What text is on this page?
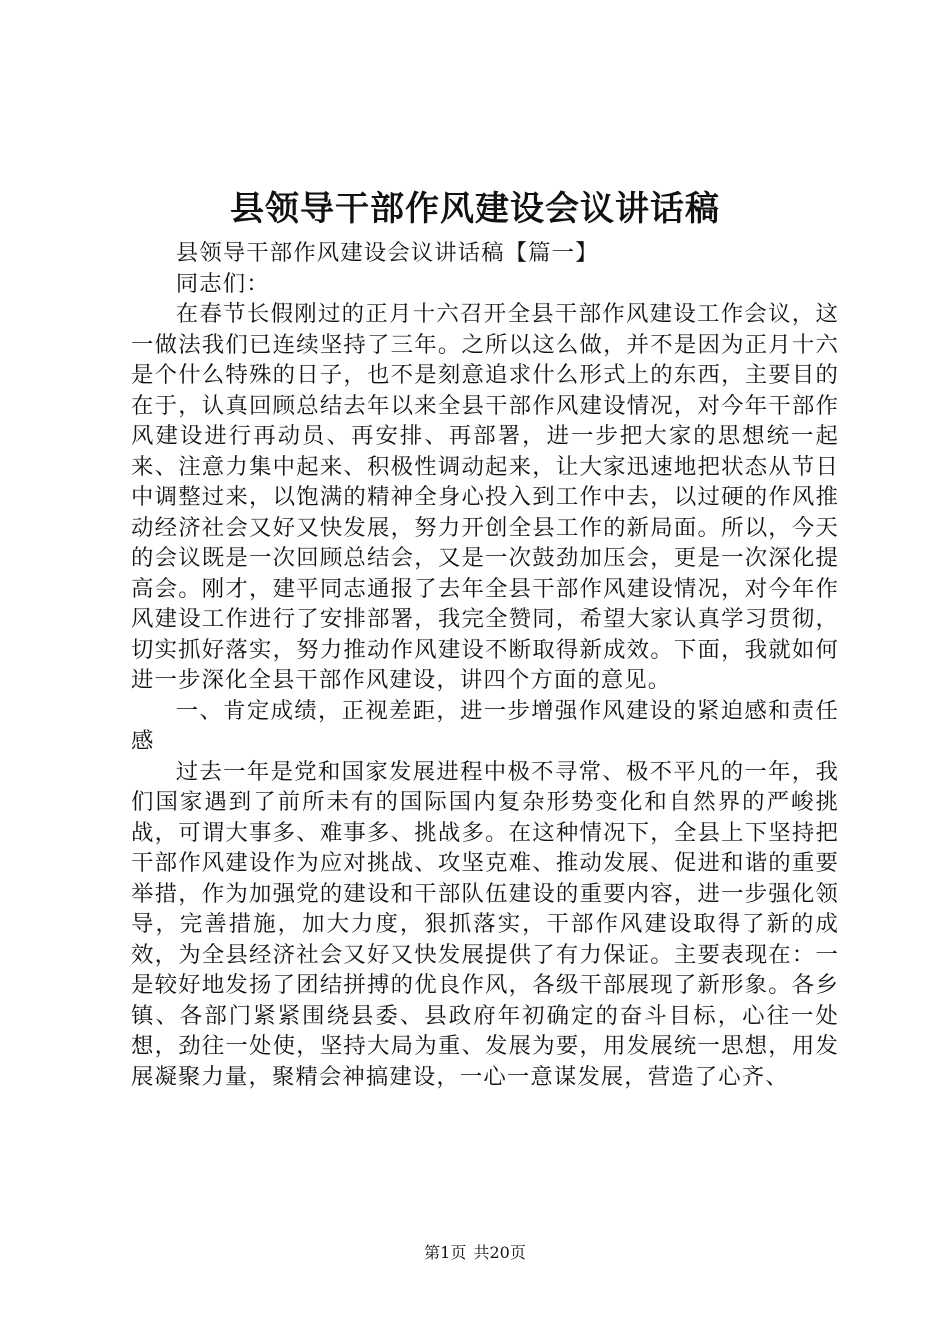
县领导干部作风建设会议讲话稿

县领导干部作风建设会议讲话稿【篇一】

同志们：

在春节长假刚过的正月十六召开全县干部作风建设工作会议，这一做法我们已连续坚持了三年。之所以这么做，并不是因为正月十六是个什么特殊的日子，也不是刻意追求什么形式上的东西，主要目的在于，认真回顾总结去年以来全县干部作风建设情况，对今年干部作风建设进行再动员、再安排、再部署，进一步把大家的思想统一起来、注意力集中起来、积极性调动起来，让大家迅速地把状态从节日中调整过来，以饱满的精神全身心投入到工作中去，以过硬的作风推动经济社会又好又快发展，努力开创全县工作的新局面。所以，今天的会议既是一次回顾总结会，又是一次鼓劲加压会，更是一次深化提高会。刚才，建平同志通报了去年全县干部作风建设情况，对今年作风建设工作进行了安排部署，我完全赞同，希望大家认真学习贯彻，切实抓好落实，努力推动作风建设不断取得新成效。下面，我就如何进一步深化全县干部作风建设，讲四个方面的意见。

一、肯定成绩，正视差距，进一步增强作风建设的紧迫感和责任感

过去一年是党和国家发展进程中极不寻常、极不平凡的一年，我们国家遇到了前所未有的国际国内复杂形势变化和自然界的严峻挑战，可谓大事多、难事多、挑战多。在这种情况下，全县上下坚持把干部作风建设作为应对挑战、攻坚克难、推动发展、促进和谐的重要举措，作为加强党的建设和干部队伍建设的重要内容，进一步强化领导，完善措施，加大力度，狠抓落实，干部作风建设取得了新的成效，为全县经济社会又好又快发展提供了有力保证。主要表现在：一是较好地发扬了团结拼搏的优良作风，各级干部展现了新形象。各乡镇、各部门紧紧围绕县委、县政府年初确定的奋斗目标，心往一处想，劲往一处使，坚持大局为重、发展为要，用发展统一思想，用发展凝聚力量，聚精会神搞建设，一心一意谋发展，营造了心齐、

第1页 共20页
